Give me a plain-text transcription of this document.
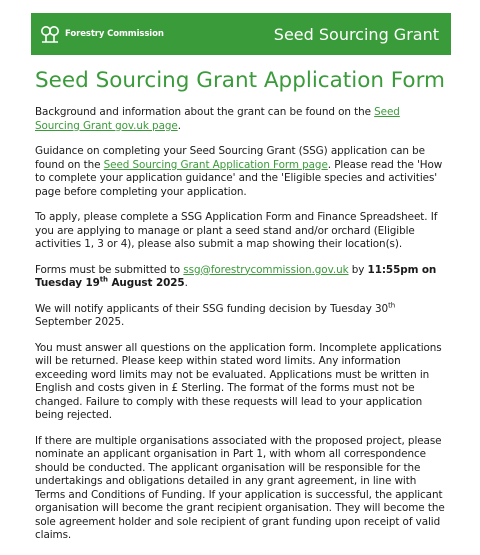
Forestry Commission	Seed Sourcing Grant
Seed Sourcing Grant Application Form

Background and information about the grant can be found on the Seed Sourcing Grant gov.uk page.

Guidance on completing your Seed Sourcing Grant (SSG) application can be found on the Seed Sourcing Grant Application Form page. Please read the 'How to complete your application guidance' and the 'Eligible species and activities' page before completing your application.

To apply, please complete a SSG Application Form and Finance Spreadsheet. If you are applying to manage or plant a seed stand and/or orchard (Eligible activities 1, 3 or 4), please also submit a map showing their location(s).

Forms must be submitted to ssg@forestrycommission.gov.uk by 11:55pm on Tuesday 19th August 2025.

We will notify applicants of their SSG funding decision by Tuesday 30th September 2025.

You must answer all questions on the application form. Incomplete applications will be returned. Please keep within stated word limits. Any information exceeding word limits may not be evaluated. Applications must be written in English and costs given in £ Sterling. The format of the forms must not be changed. Failure to comply with these requests will lead to your application being rejected.

If there are multiple organisations associated with the proposed project, please nominate an applicant organisation in Part 1, with whom all correspondence should be conducted. The applicant organisation will be responsible for the undertakings and obligations detailed in any grant agreement, in line with Terms and Conditions of Funding. If your application is successful, the applicant organisation will become the grant recipient organisation. They will become the sole agreement holder and sole recipient of grant funding upon receipt of valid claims.
